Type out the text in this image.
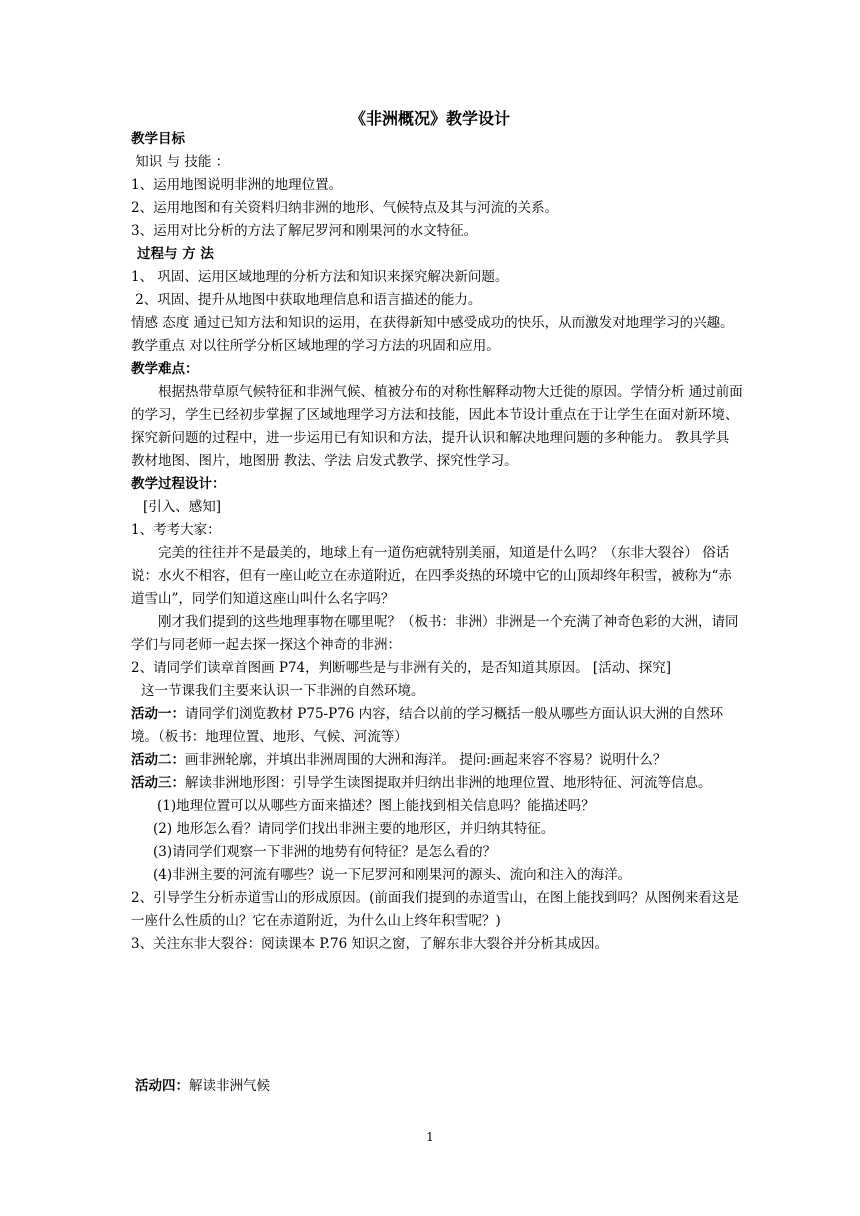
《非洲概况》教学设计

教学目标

知识 与 技能 ：

1、运用地图说明非洲的地理位置。

2、运用地图和有关资料归纳非洲的地形、气候特点及其与河流的关系。

3、运用对比分析的方法了解尼罗河和刚果河的水文特征。

过程与 方 法

1、 巩固、运用区域地理的分析方法和知识来探究解决新问题。

2、巩固、提升从地图中获取地理信息和语言描述的能力。

情感 态度 通过已知方法和知识的运用，在获得新知中感受成功的快乐，从而激发对地理学习的兴趣。 教学重点 对以往所学分析区域地理的学习方法的巩固和应用。

教学难点：

根据热带草原气候特征和非洲气候、植被分布的对称性解释动物大迁徙的原因。学情分析 通过前面的学习，学生已经初步掌握了区域地理学习方法和技能，因此本节设计重点在于让学生在面对新环境、探究新问题的过程中，进一步运用已有知识和方法，提升认识和解决地理问题的多种能力。 教具学具 教材地图、图片，地图册 教法、学法 启发式教学、探究性学习。

教学过程设计：

[引入、感知]

1、考考大家：

完美的往往并不是最美的，地球上有一道伤疤就特别美丽，知道是什么吗？（东非大裂谷） 俗话说：水火不相容，但有一座山屹立在赤道附近，在四季炎热的环境中它的山顶却终年积雪，被称为“赤道雪山”，同学们知道这座山叫什么名字吗？

刚才我们提到的这些地理事物在哪里呢？（板书：非洲）非洲是一个充满了神奇色彩的大洲，请同学们与同老师一起去探一探这个神奇的非洲：

2、请同学们读章首图画 P74，判断哪些是与非洲有关的，是否知道其原因。 [活动、探究]

这一节课我们主要来认识一下非洲的自然环境。

活动一：请同学们浏览教材 P75-P76 内容，结合以前的学习概括一般从哪些方面认识大洲的自然环境。（板书：地理位置、地形、气候、河流等）

活动二：画非洲轮廓，并填出非洲周围的大洲和海洋。 提问:画起来容不容易？说明什么？

活动三：解读非洲地形图：引导学生读图提取并归纳出非洲的地理位置、地形特征、河流等信息。

(1)地理位置可以从哪些方面来描述？图上能找到相关信息吗？能描述吗？

(2) 地形怎么看？请同学们找出非洲主要的地形区，并归纳其特征。

(3)请同学们观察一下非洲的地势有何特征？是怎么看的？

(4)非洲主要的河流有哪些？说一下尼罗河和刚果河的源头、流向和注入的海洋。

2、引导学生分析赤道雪山的形成原因。(前面我们提到的赤道雪山，在图上能找到吗？从图例来看这是一座什么性质的山？它在赤道附近，为什么山上终年积雪呢？)

3、关注东非大裂谷：阅读课本 P.76 知识之窗，了解东非大裂谷并分析其成因。

活动四：解读非洲气候
1
